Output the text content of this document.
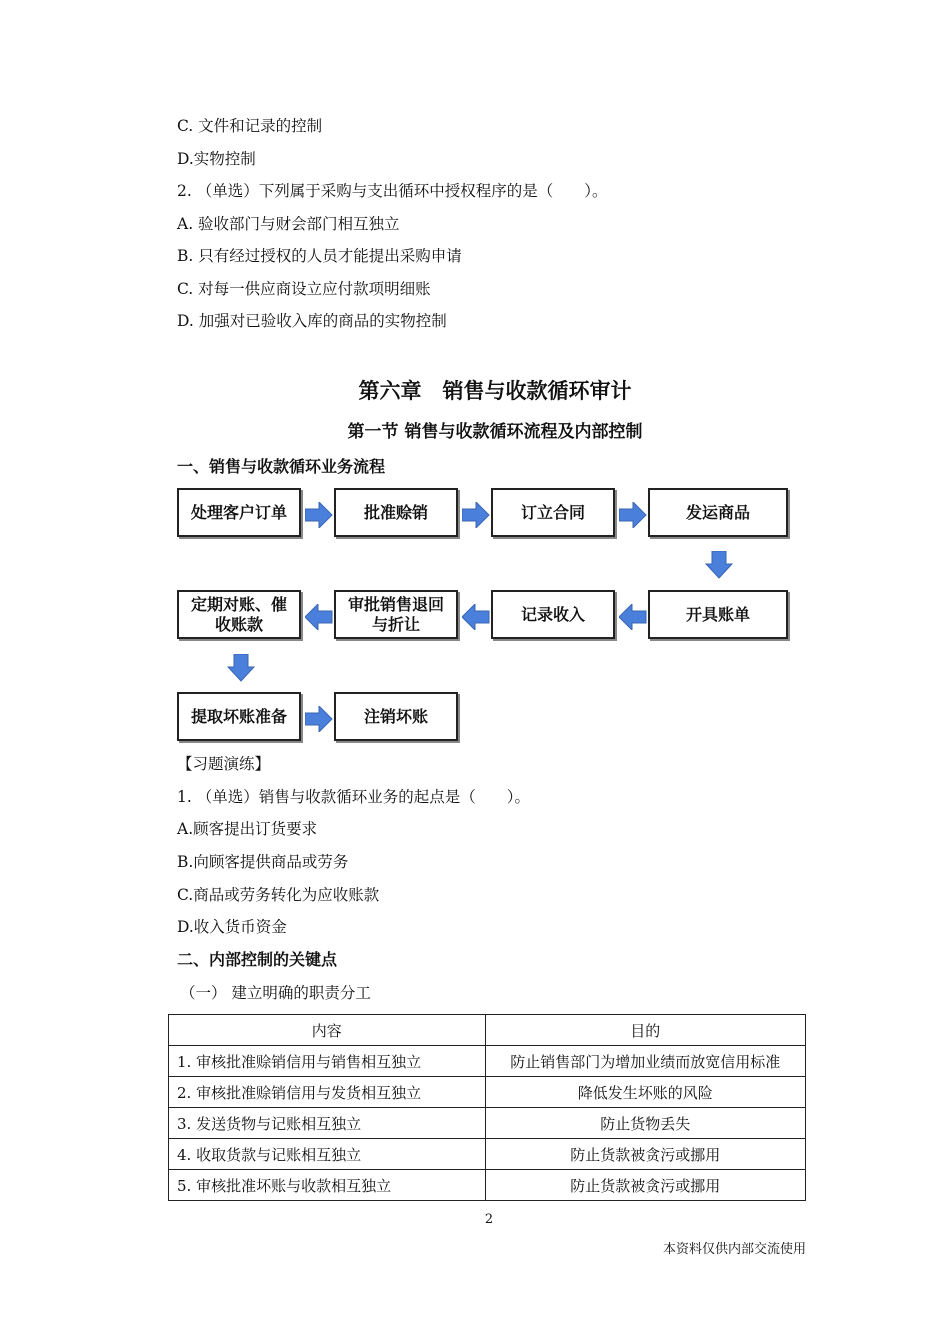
C. 文件和记录的控制
D.实物控制
2. （单选）下列属于采购与支出循环中授权程序的是（　　）。
A. 验收部门与财会部门相互独立
B. 只有经过授权的人员才能提出采购申请
C. 对每一供应商设立应付款项明细账
D. 加强对已验收入库的商品的实物控制
第六章　销售与收款循环审计
第一节 销售与收款循环流程及内部控制
一、销售与收款循环业务流程
处理客户订单	批准赊销	订立合同	发运商品
开具账单
记录收入
审批销售退回
与折让
定期对账、催
收账款
提取坏账准备	注销坏账
【习题演练】
1. （单选）销售与收款循环业务的起点是（　　）。
A.顾客提出订货要求
B.向顾客提供商品或劳务
C.商品或劳务转化为应收账款
D.收入货币资金
二、内部控制的关键点
（一） 建立明确的职责分工
内容	目的
1. 审核批准赊销信用与销售相互独立	防止销售部门为增加业绩而放宽信用标准
2. 审核批准赊销信用与发货相互独立	降低发生坏账的风险
3. 发送货物与记账相互独立	防止货物丢失
4. 收取货款与记账相互独立	防止货款被贪污或挪用
5. 审核批准坏账与收款相互独立	防止货款被贪污或挪用
2
本资料仅供内部交流使用
